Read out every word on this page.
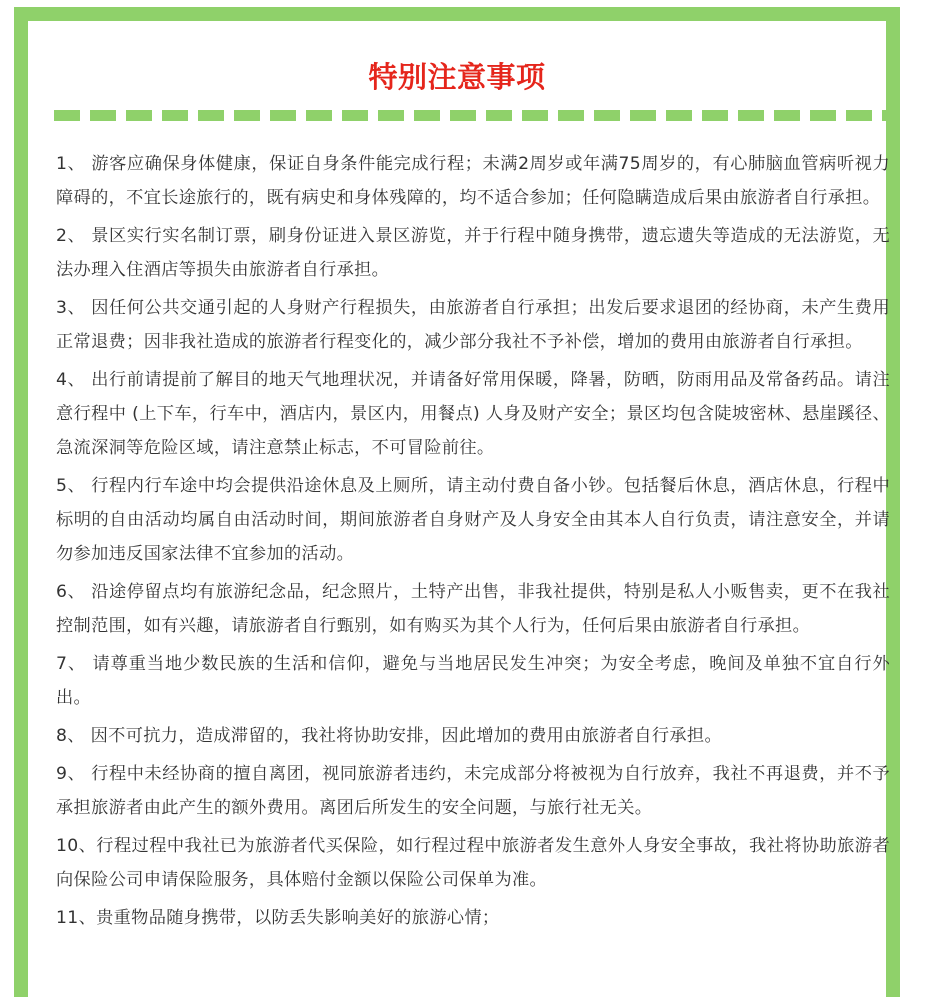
特别注意事项
1、 游客应确保身体健康，保证自身条件能完成行程；未满2周岁或年满75周岁的，有心肺脑血管病听视力障碍的，不宜长途旅行的，既有病史和身体残障的，均不适合参加；任何隐瞒造成后果由旅游者自行承担。
2、 景区实行实名制订票，刷身份证进入景区游览，并于行程中随身携带，遗忘遗失等造成的无法游览，无法办理入住酒店等损失由旅游者自行承担。
3、 因任何公共交通引起的人身财产行程损失，由旅游者自行承担；出发后要求退团的经协商，未产生费用正常退费；因非我社造成的旅游者行程变化的，减少部分我社不予补偿，增加的费用由旅游者自行承担。
4、 出行前请提前了解目的地天气地理状况，并请备好常用保暖，降暑，防晒，防雨用品及常备药品。请注意行程中 (上下车，行车中，酒店内，景区内，用餐点) 人身及财产安全；景区均包含陡坡密林、悬崖蹊径、急流深洞等危险区域，请注意禁止标志，不可冒险前往。
5、 行程内行车途中均会提供沿途休息及上厕所，请主动付费自备小钞。包括餐后休息，酒店休息，行程中标明的自由活动均属自由活动时间，期间旅游者自身财产及人身安全由其本人自行负责，请注意安全，并请勿参加违反国家法律不宜参加的活动。
6、 沿途停留点均有旅游纪念品，纪念照片，土特产出售，非我社提供，特别是私人小贩售卖，更不在我社控制范围，如有兴趣，请旅游者自行甄别，如有购买为其个人行为，任何后果由旅游者自行承担。
7、 请尊重当地少数民族的生活和信仰，避免与当地居民发生冲突；为安全考虑，晚间及单独不宜自行外出。
8、 因不可抗力，造成滞留的，我社将协助安排，因此增加的费用由旅游者自行承担。
9、 行程中未经协商的擅自离团，视同旅游者违约，未完成部分将被视为自行放弃，我社不再退费，并不予承担旅游者由此产生的额外费用。离团后所发生的安全问题，与旅行社无关。
10、行程过程中我社已为旅游者代买保险，如行程过程中旅游者发生意外人身安全事故，我社将协助旅游者向保险公司申请保险服务，具体赔付金额以保险公司保单为准。
11、贵重物品随身携带，以防丢失影响美好的旅游心情；
